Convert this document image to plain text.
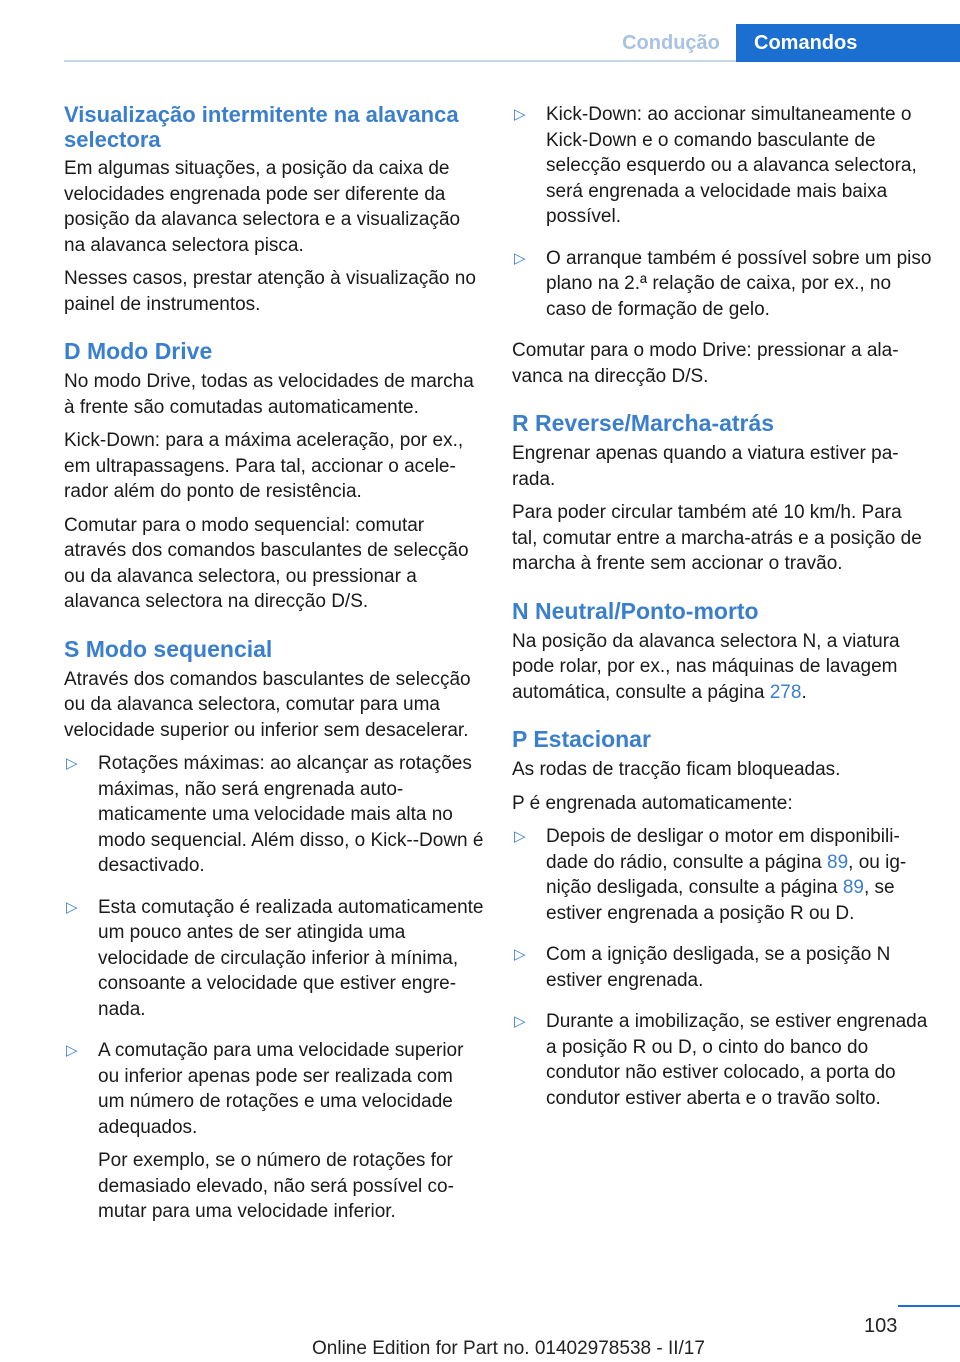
Condução	Comandos
Visualização intermitente na alavanca selectora

Em algumas situações, a posição da caixa de velocidades engrenada pode ser diferente da posição da alavanca selectora e a visualização na alavanca selectora pisca.

Nesses casos, prestar atenção à visualização no painel de instrumentos.

D Modo Drive

No modo Drive, todas as velocidades de marcha à frente são comutadas automaticamente.

Kick-Down: para a máxima aceleração, por ex., em ultrapassagens. Para tal, accionar o acelerador além do ponto de resistência.

Comutar para o modo sequencial: comutar através dos comandos basculantes de selecção ou da alavanca selectora, ou pressionar a alavanca selectora na direcção D/S.

S Modo sequencial

Através dos comandos basculantes de selecção ou da alavanca selectora, comutar para uma velocidade superior ou inferior sem desacelerar.

▷ Rotações máximas: ao alcançar as rotações máximas, não será engrenada automaticamente uma velocidade mais alta no modo sequencial. Além disso, o Kick--Down é desactivado.
▷ Esta comutação é realizada automaticamente um pouco antes de ser atingida uma velocidade de circulação inferior à mínima, consoante a velocidade que estiver engrenada.
▷ A comutação para uma velocidade superior ou inferior apenas pode ser realizada com um número de rotações e uma velocidade adequados.

Por exemplo, se o número de rotações for demasiado elevado, não será possível comutar para uma velocidade inferior.

▷ Kick-Down: ao accionar simultaneamente o Kick-Down e o comando basculante de selecção esquerdo ou a alavanca selectora, será engrenada a velocidade mais baixa possível.
▷ O arranque também é possível sobre um piso plano na 2.ª relação de caixa, por ex., no caso de formação de gelo.

Comutar para o modo Drive: pressionar a alavanca na direcção D/S.

R Reverse/Marcha-atrás

Engrenar apenas quando a viatura estiver parada.

Para poder circular também até 10 km/h. Para tal, comutar entre a marcha-atrás e a posição de marcha à frente sem accionar o travão.

N Neutral/Ponto-morto

Na posição da alavanca selectora N, a viatura pode rolar, por ex., nas máquinas de lavagem automática, consulte a página 278.

P Estacionar

As rodas de tracção ficam bloqueadas.

P é engrenada automaticamente:

▷ Depois de desligar o motor em disponibilidade do rádio, consulte a página 89, ou ignição desligada, consulte a página 89, se estiver engrenada a posição R ou D.
▷ Com a ignição desligada, se a posição N estiver engrenada.
▷ Durante a imobilização, se estiver engrenada a posição R ou D, o cinto do banco do condutor não estiver colocado, a porta do condutor estiver aberta e o travão solto.
103
Online Edition for Part no. 01402978538 - II/17
